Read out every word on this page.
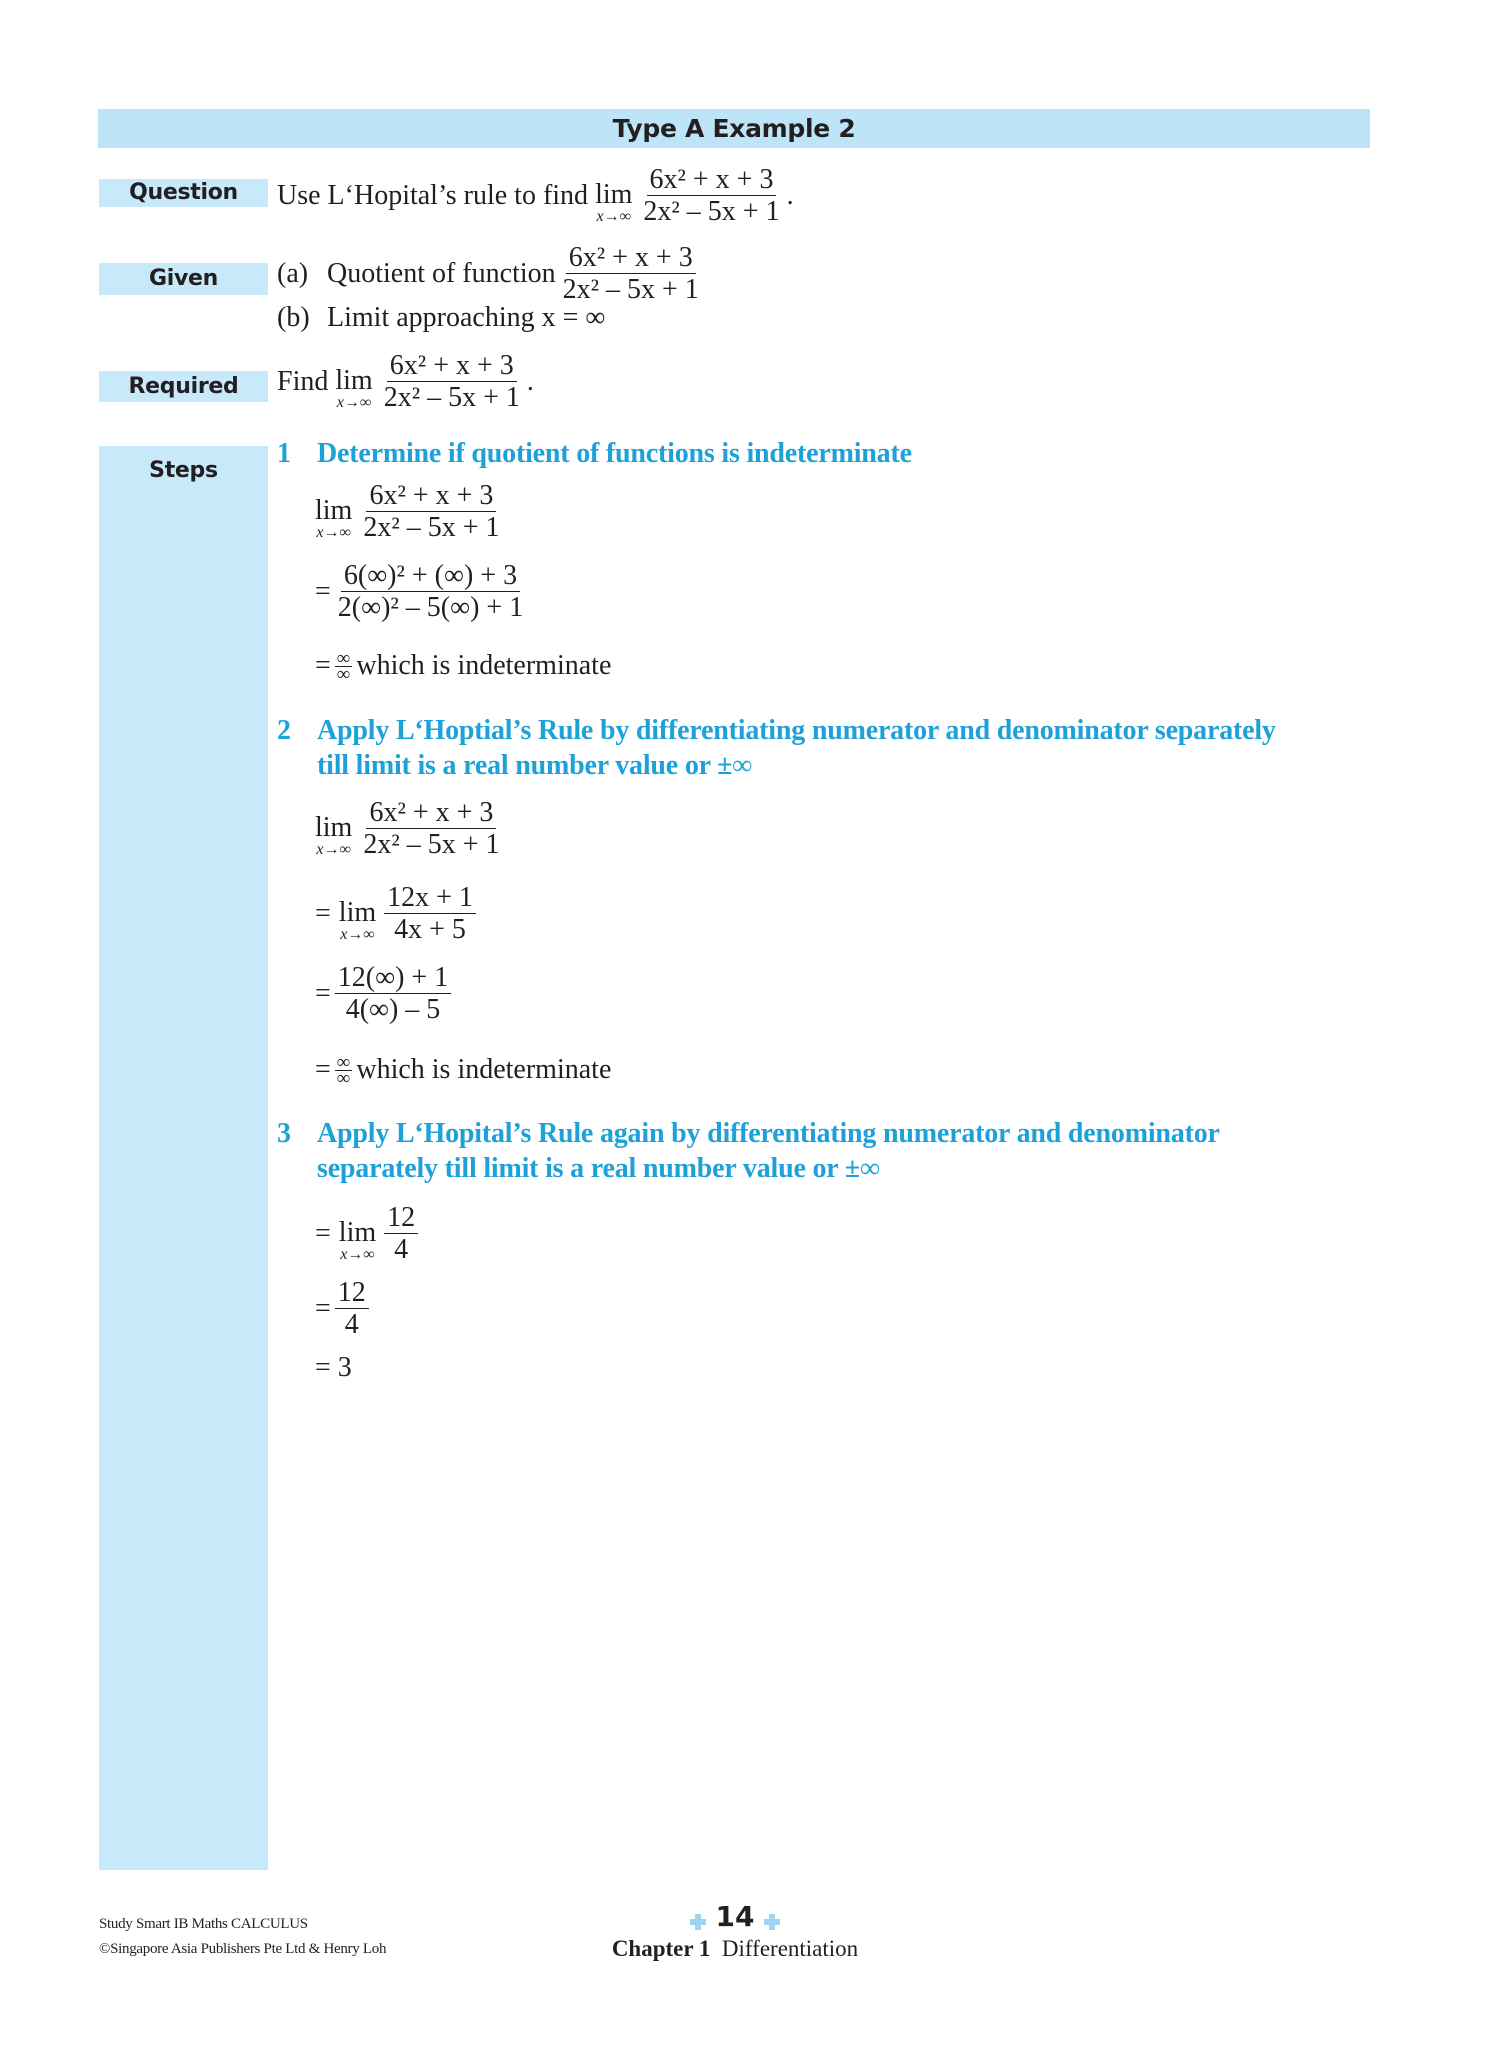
Type A Example 2
Question	Use L‘Hopital’s rule to find
lim
$x\to\infty \frac{\text{6x² + x + 3}}{\text{2x² – 5x + 1}}$ .
Given	(a) Quotient of function $\frac{\text{6x² + x + 3}}{\text{2x² – 5x + 1}}$
(b) Limit approaching x = ∞
Required	Find
lim
$x\to\infty \frac{\text{6x² + x + 3}}{\text{2x² – 5x + 1}}$ .
Steps
1 Determine if quotient of functions is indeterminate
lim
$x\to\infty \frac{\text{6x² + x + 3}}{\text{2x² – 5x + 1}}$
= $\frac{\text{6(∞)² + (∞) + 3}}{\text{2(∞)² – 5(∞) + 1}}$
= $\frac{\infty}{\infty}$ which is indeterminate
2 Apply L‘Hoptial’s Rule by differentiating numerator and denominator separately
till limit is a real number value or ±∞
lim
$x\to\infty \frac{\text{6x² + x + 3}}{\text{2x² – 5x + 1}}$
= lim
$x\to\infty \frac{12x + 1}{4x + 5}$
= $\frac{12(\infty) + 1}{4(\infty) - 5}$
= $\frac{\infty}{\infty}$ which is indeterminate
3 Apply L‘Hopital’s Rule again by differentiating numerator and denominator
separately till limit is a real number value or ±∞
= lim
$x\to\infty \frac{12}{4}$
= $\frac{12}{4}$
= 3
Study Smart IB Maths CALCULUS
©Singapore Asia Publishers Pte Ltd & Henry Loh
14
Chapter 1 Differentiation
